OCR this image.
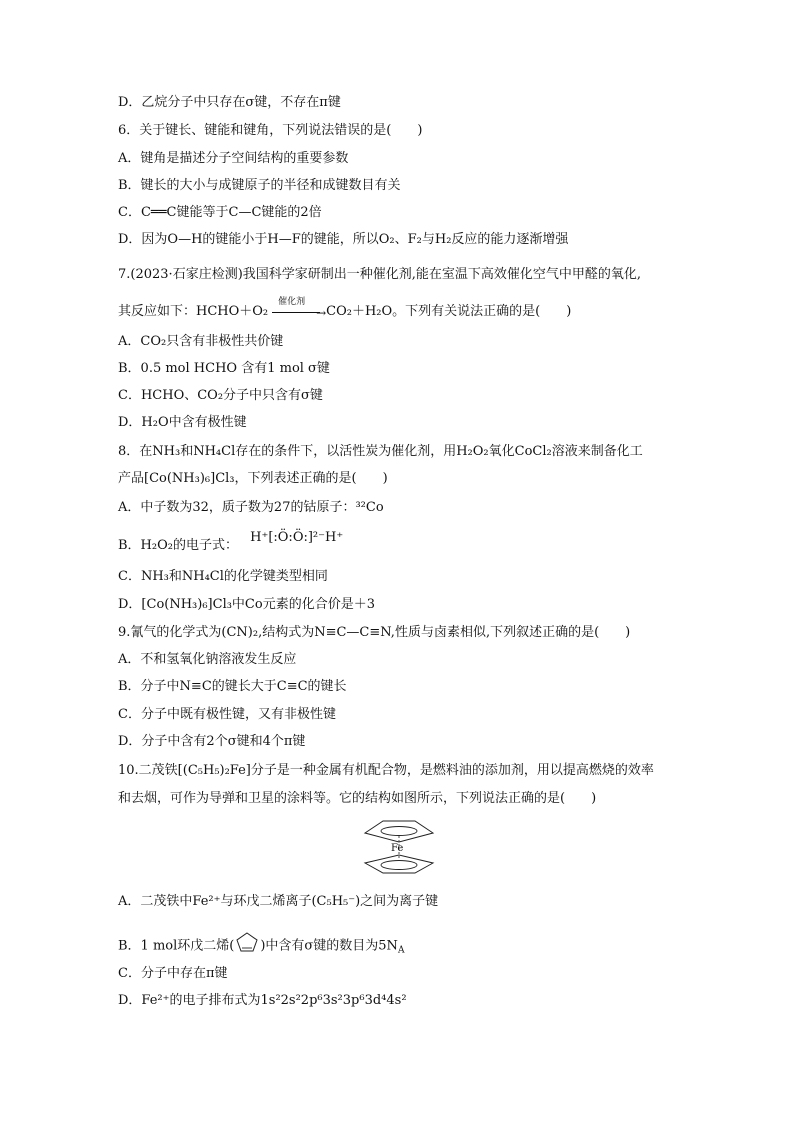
D．乙烷分子中只存在σ键，不存在π键
6．关于键长、键能和键角，下列说法错误的是(　　)
A．键角是描述分子空间结构的重要参数
B．键长的大小与成键原子的半径和成键数目有关
C．C══C键能等于C—C键能的2倍
D．因为O—H的键能小于H—F的键能，所以O₂、F₂与H₂反应的能力逐渐增强
7.(2023·石家庄检测)我国科学家研制出一种催化剂,能在室温下高效催化空气中甲醛的氧化,
其反应如下：HCHO＋O₂
催化剂
→ CO₂＋H₂O。下列有关说法正确的是(　　)
A．CO₂只含有非极性共价键
B．0.5 mol HCHO 含有1 mol σ键
C．HCHO、CO₂分子中只含有σ键
D．H₂O中含有极性键
8．在NH₃和NH₄Cl存在的条件下，以活性炭为催化剂，用H₂O₂氧化CoCl₂溶液来制备化工
产品[Co(NH₃)₆]Cl₃，下列表述正确的是(　　)
A．中子数为32，质子数为27的钴原子：³²Co
B．H₂O₂的电子式： H⁺[:Ö:Ö:]²⁻H⁺
C．NH₃和NH₄Cl的化学键类型相同
D．[Co(NH₃)₆]Cl₃中Co元素的化合价是＋3
9.氰气的化学式为(CN)₂,结构式为N≡C—C≡N,性质与卤素相似,下列叙述正确的是(　　)
A．不和氢氧化钠溶液发生反应
B．分子中N≡C的键长大于C≡C的键长
C．分子中既有极性键，又有非极性键
D．分子中含有2个σ键和4个π键
10.二茂铁[(C₅H₅)₂Fe]分子是一种金属有机配合物，是燃料油的添加剂，用以提高燃烧的效率
和去烟，可作为导弹和卫星的涂料等。它的结构如图所示，下列说法正确的是(　　)
Fe
A．二茂铁中Fe²⁺与环戊二烯离子(C₅H₅⁻)之间为离子键
B．1 mol环戊二烯( )中含有σ键的数目为$5N_A$
C．分子中存在π键
D．Fe²⁺的电子排布式为1s²2s²2p⁶3s²3p⁶3d⁴4s²
